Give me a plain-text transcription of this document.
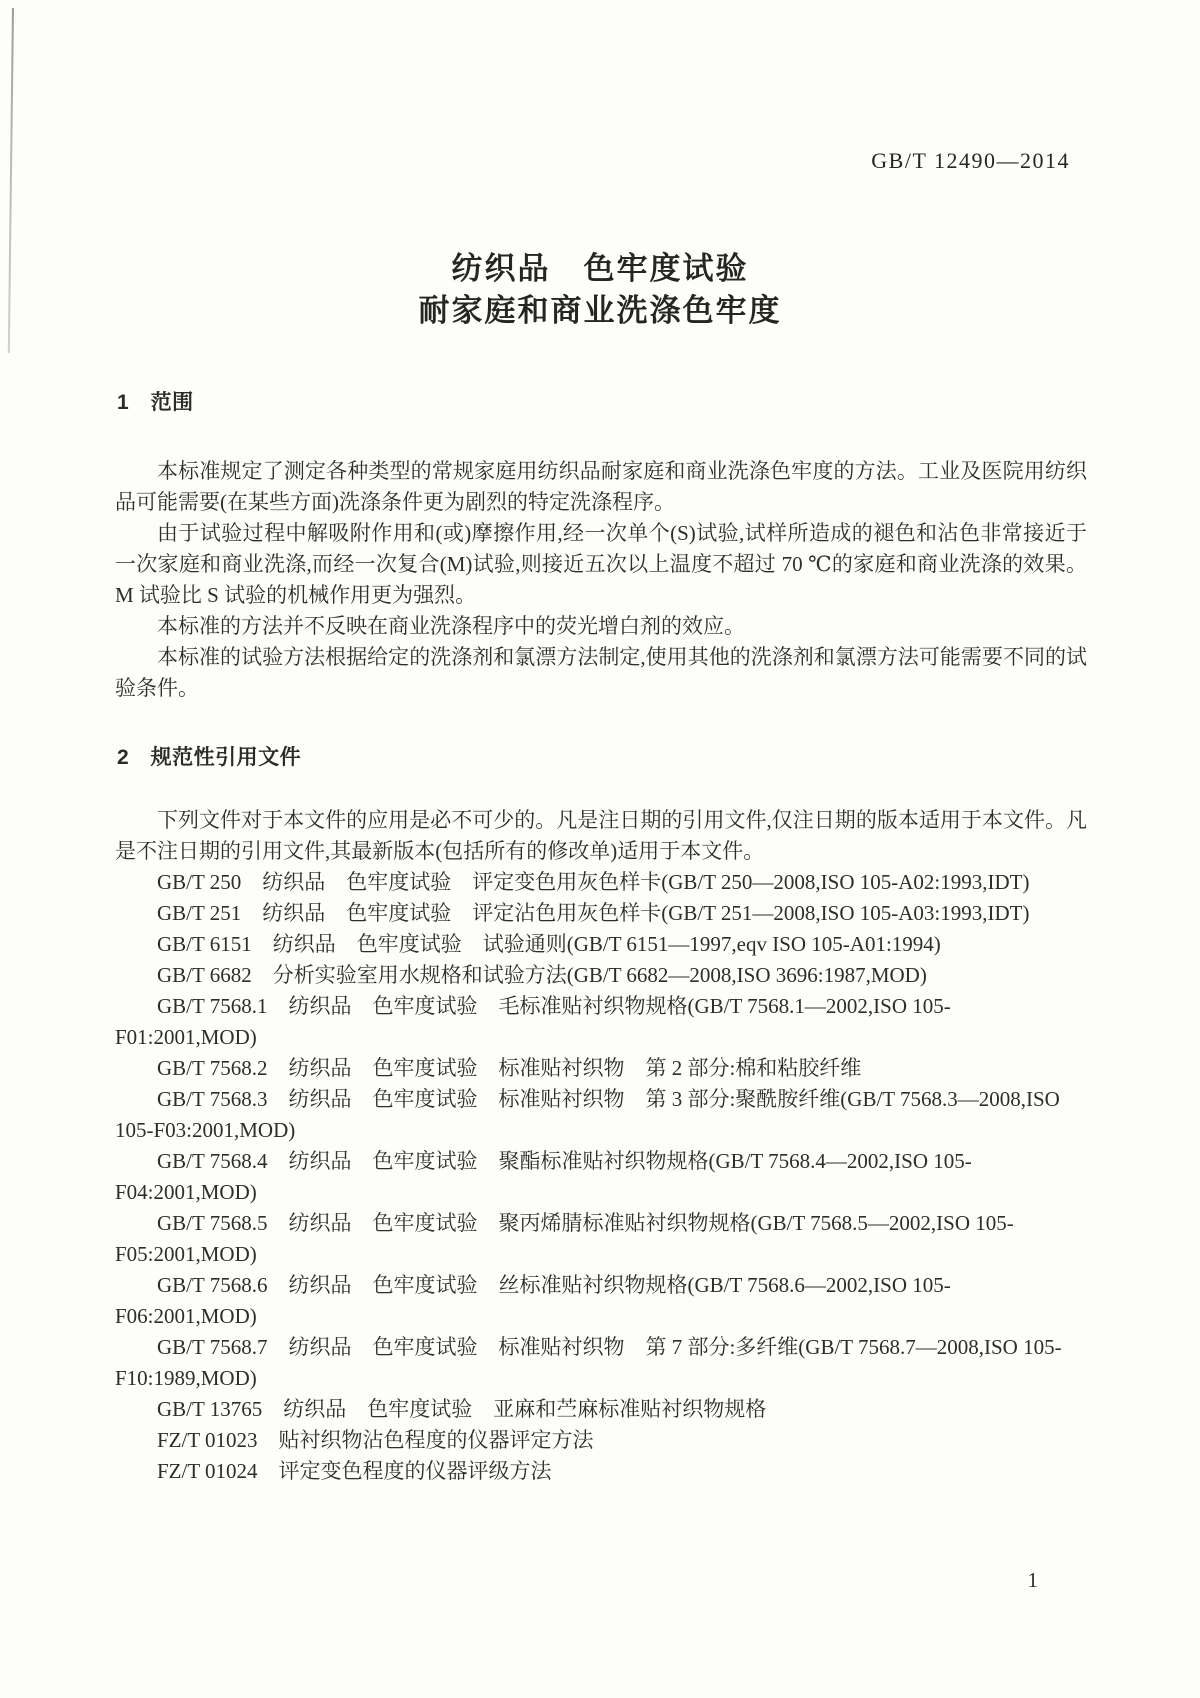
GB/T 12490—2014
纺织品　色牢度试验
耐家庭和商业洗涤色牢度
1　范围

本标准规定了测定各种类型的常规家庭用纺织品耐家庭和商业洗涤色牢度的方法。工业及医院用纺织品可能需要(在某些方面)洗涤条件更为剧烈的特定洗涤程序。

由于试验过程中解吸附作用和(或)摩擦作用,经一次单个(S)试验,试样所造成的褪色和沾色非常接近于一次家庭和商业洗涤,而经一次复合(M)试验,则接近五次以上温度不超过 70 ℃的家庭和商业洗涤的效果。M 试验比 S 试验的机械作用更为强烈。

本标准的方法并不反映在商业洗涤程序中的荧光增白剂的效应。

本标准的试验方法根据给定的洗涤剂和氯漂方法制定,使用其他的洗涤剂和氯漂方法可能需要不同的试验条件。

2　规范性引用文件

下列文件对于本文件的应用是必不可少的。凡是注日期的引用文件,仅注日期的版本适用于本文件。凡是不注日期的引用文件,其最新版本(包括所有的修改单)适用于本文件。

GB/T 250　纺织品　色牢度试验　评定变色用灰色样卡(GB/T 250—2008,ISO 105-A02:1993,IDT)

GB/T 251　纺织品　色牢度试验　评定沾色用灰色样卡(GB/T 251—2008,ISO 105-A03:1993,IDT)

GB/T 6151　纺织品　色牢度试验　试验通则(GB/T 6151—1997,eqv ISO 105-A01:1994)

GB/T 6682　分析实验室用水规格和试验方法(GB/T 6682—2008,ISO 3696:1987,MOD)

GB/T 7568.1　纺织品　色牢度试验　毛标准贴衬织物规格(GB/T 7568.1—2002,ISO 105-F01:2001,MOD)

GB/T 7568.2　纺织品　色牢度试验　标准贴衬织物　第 2 部分:棉和粘胶纤维

GB/T 7568.3　纺织品　色牢度试验　标准贴衬织物　第 3 部分:聚酰胺纤维(GB/T 7568.3—2008,ISO 105-F03:2001,MOD)

GB/T 7568.4　纺织品　色牢度试验　聚酯标准贴衬织物规格(GB/T 7568.4—2002,ISO 105-F04:2001,MOD)

GB/T 7568.5　纺织品　色牢度试验　聚丙烯腈标准贴衬织物规格(GB/T 7568.5—2002,ISO 105-F05:2001,MOD)

GB/T 7568.6　纺织品　色牢度试验　丝标准贴衬织物规格(GB/T 7568.6—2002,ISO 105-F06:2001,MOD)

GB/T 7568.7　纺织品　色牢度试验　标准贴衬织物　第 7 部分:多纤维(GB/T 7568.7—2008,ISO 105-F10:1989,MOD)

GB/T 13765　纺织品　色牢度试验　亚麻和苎麻标准贴衬织物规格

FZ/T 01023　贴衬织物沾色程度的仪器评定方法

FZ/T 01024　评定变色程度的仪器评级方法

1
